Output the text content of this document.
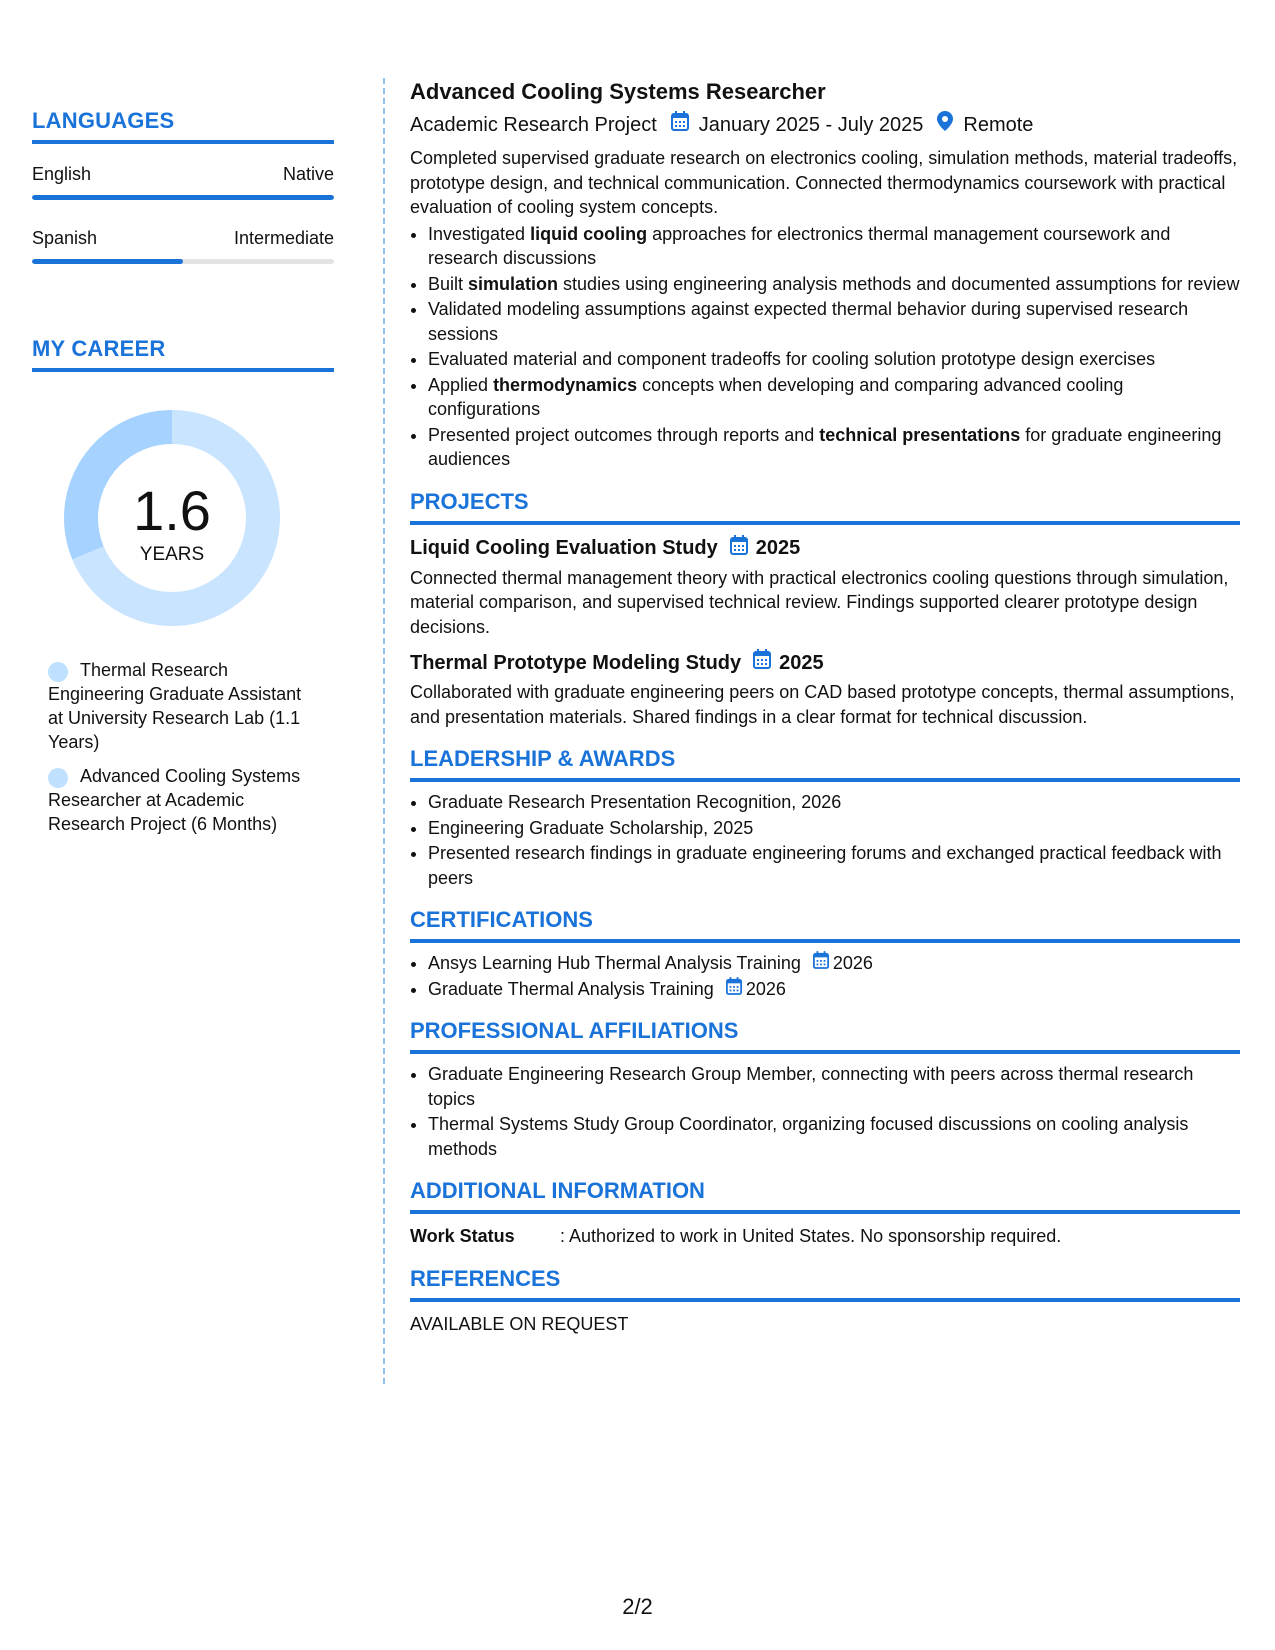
LANGUAGES
English	Native
Spanish	Intermediate
MY CAREER
1.6
YEARS
Thermal Research Engineering Graduate Assistant at University Research Lab (1.1 Years)
Advanced Cooling Systems Researcher at Academic Research Project (6 Months)
Advanced Cooling Systems Researcher
Academic Research Project January 2025 - July 2025 Remote
Completed supervised graduate research on electronics cooling, simulation methods, material tradeoffs, prototype design, and technical communication. Connected thermodynamics coursework with practical evaluation of cooling system concepts.
• Investigated liquid cooling approaches for electronics thermal management coursework and research discussions
• Built simulation studies using engineering analysis methods and documented assumptions for review
• Validated modeling assumptions against expected thermal behavior during supervised research sessions
• Evaluated material and component tradeoffs for cooling solution prototype design exercises
• Applied thermodynamics concepts when developing and comparing advanced cooling configurations
• Presented project outcomes through reports and technical presentations for graduate engineering audiences
PROJECTS
Liquid Cooling Evaluation Study 2025
Connected thermal management theory with practical electronics cooling questions through simulation, material comparison, and supervised technical review. Findings supported clearer prototype design decisions.
Thermal Prototype Modeling Study 2025
Collaborated with graduate engineering peers on CAD based prototype concepts, thermal assumptions, and presentation materials. Shared findings in a clear format for technical discussion.
LEADERSHIP & AWARDS
• Graduate Research Presentation Recognition, 2026
• Engineering Graduate Scholarship, 2025
• Presented research findings in graduate engineering forums and exchanged practical feedback with peers
CERTIFICATIONS
• Ansys Learning Hub Thermal Analysis Training 2026
• Graduate Thermal Analysis Training 2026
PROFESSIONAL AFFILIATIONS
• Graduate Engineering Research Group Member, connecting with peers across thermal research topics
• Thermal Systems Study Group Coordinator, organizing focused discussions on cooling analysis methods
ADDITIONAL INFORMATION
Work Status	: Authorized to work in United States. No sponsorship required.
REFERENCES
AVAILABLE ON REQUEST
2/2
